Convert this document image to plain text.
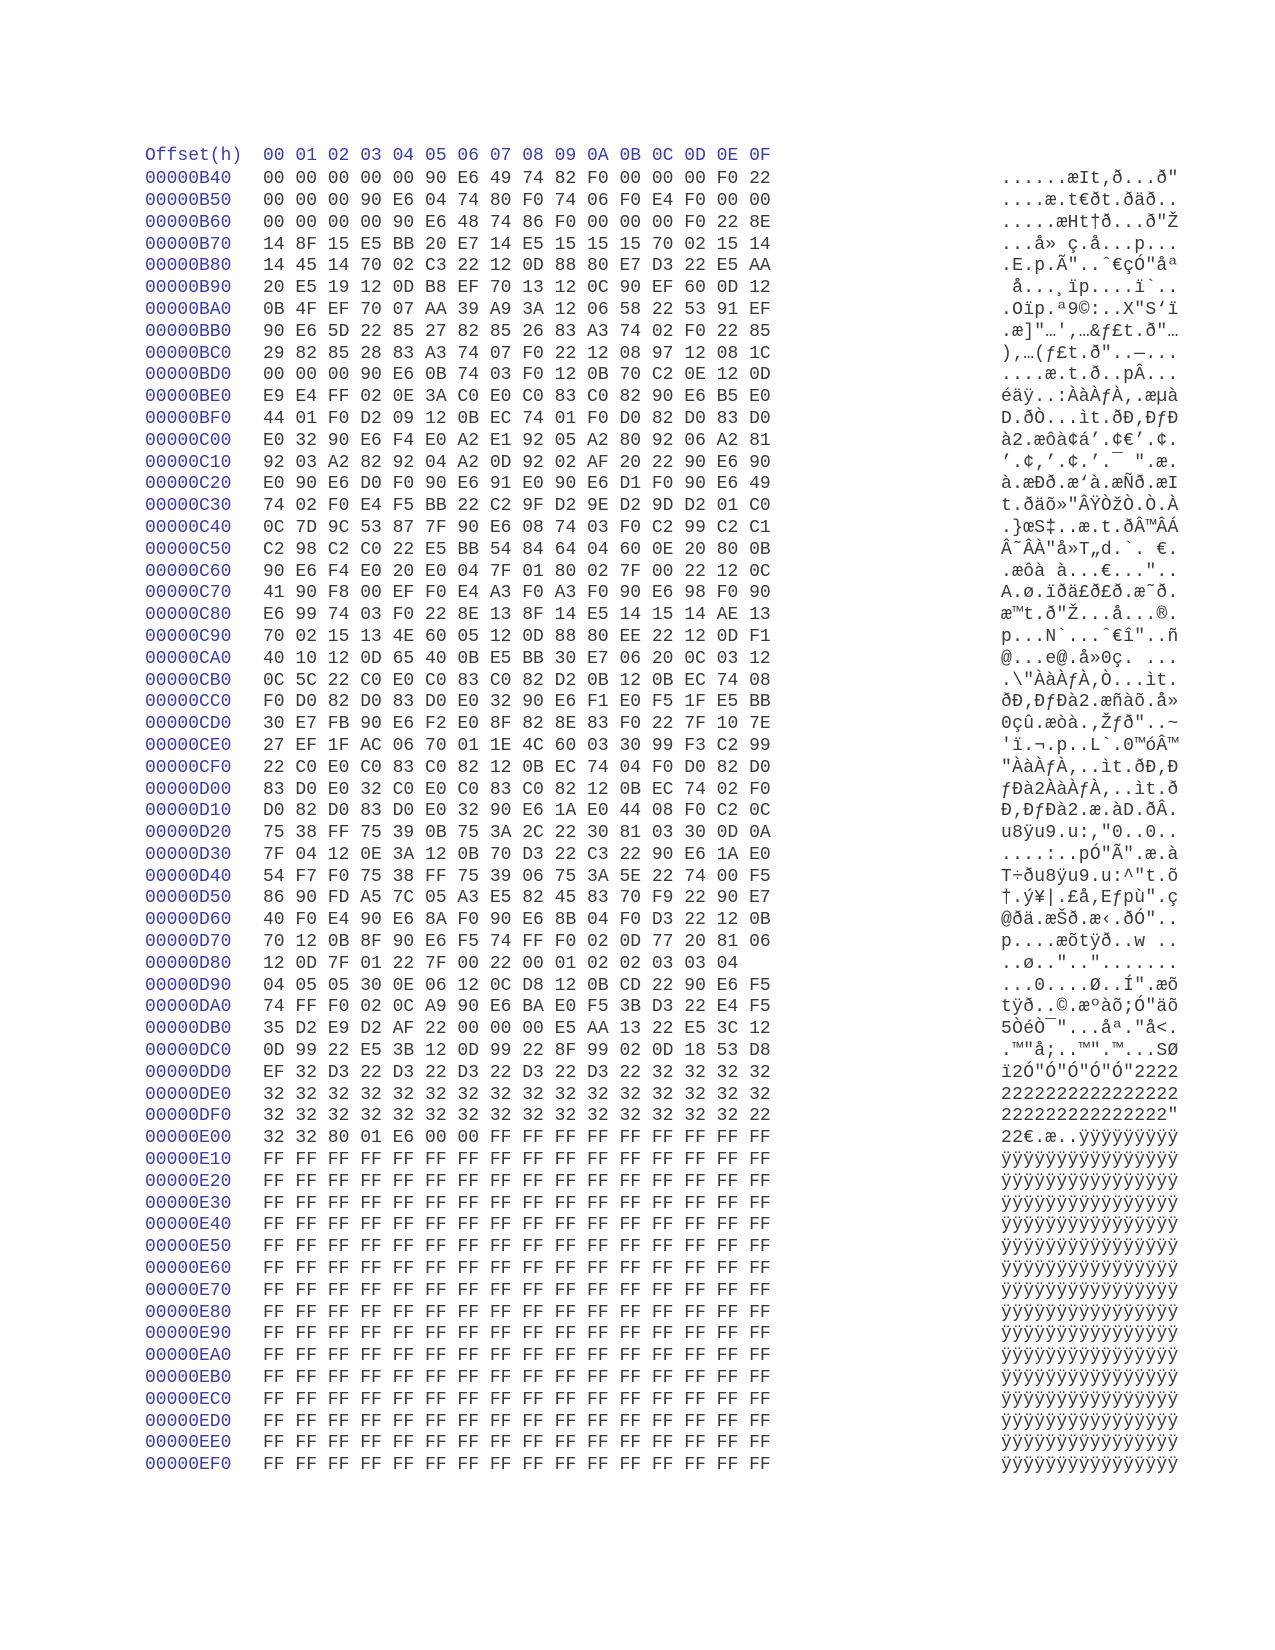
Offset(h)	00 01 02 03 04 05 06 07 08 09 0A 0B 0C 0D 0E 0F
00000B40	00 00 00 00 00 90 E6 49 74 82 F0 00 00 00 F0 22	......æIt‚ð...ð"
00000B50	00 00 00 90 E6 04 74 80 F0 74 06 F0 E4 F0 00 00	....æ.t€ðt.ðäð..
00000B60	00 00 00 00 90 E6 48 74 86 F0 00 00 00 F0 22 8E	.....æHt†ð...ð"Ž
00000B70	14 8F 15 E5 BB 20 E7 14 E5 15 15 15 70 02 15 14	...å» ç.å...p...
00000B80	14 45 14 70 02 C3 22 12 0D 88 80 E7 D3 22 E5 AA	.E.p.Ã"..ˆ€çÓ"åª
00000B90	20 E5 19 12 0D B8 EF 70 13 12 0C 90 EF 60 0D 12	å...¸ïp....ï`..
00000BA0	0B 4F EF 70 07 AA 39 A9 3A 12 06 58 22 53 91 EF	.Oïp.ª9©:..X"S‘ï
00000BB0	90 E6 5D 22 85 27 82 85 26 83 A3 74 02 F0 22 85	.æ]"…'‚…&ƒ£t.ð"…
00000BC0	29 82 85 28 83 A3 74 07 F0 22 12 08 97 12 08 1C	)‚…(ƒ£t.ð"..—...
00000BD0	00 00 00 90 E6 0B 74 03 F0 12 0B 70 C2 0E 12 0D	....æ.t.ð..pÂ...
00000BE0	E9 E4 FF 02 0E 3A C0 E0 C0 83 C0 82 90 E6 B5 E0	éäÿ..:ÀàÀƒÀ‚.æµà
00000BF0	44 01 F0 D2 09 12 0B EC 74 01 F0 D0 82 D0 83 D0	D.ðÒ...ìt.ðÐ‚ÐƒÐ
00000C00	E0 32 90 E6 F4 E0 A2 E1 92 05 A2 80 92 06 A2 81	à2.æôà¢á’.¢€’.¢.
00000C10	92 03 A2 82 92 04 A2 0D 92 02 AF 20 22 90 E6 90	’.¢‚’.¢.’.¯ ".æ.
00000C20	E0 90 E6 D0 F0 90 E6 91 E0 90 E6 D1 F0 90 E6 49	à.æÐð.æ‘à.æÑð.æI
00000C30	74 02 F0 E4 F5 BB 22 C2 9F D2 9E D2 9D D2 01 C0	t.ðäõ»"ÂŸÒžÒ.Ò.À
00000C40	0C 7D 9C 53 87 7F 90 E6 08 74 03 F0 C2 99 C2 C1	.}œS‡..æ.t.ðÂ™ÂÁ
00000C50	C2 98 C2 C0 22 E5 BB 54 84 64 04 60 0E 20 80 0B	Â˜ÂÀ"å»T„d.`. €.
00000C60	90 E6 F4 E0 20 E0 04 7F 01 80 02 7F 00 22 12 0C	.æôà à...€..."..
00000C70	41 90 F8 00 EF F0 E4 A3 F0 A3 F0 90 E6 98 F0 90	A.ø.ïðä£ð£ð.æ˜ð.
00000C80	E6 99 74 03 F0 22 8E 13 8F 14 E5 14 15 14 AE 13	æ™t.ð"Ž...å...®.
00000C90	70 02 15 13 4E 60 05 12 0D 88 80 EE 22 12 0D F1	p...N`...ˆ€î"..ñ
00000CA0	40 10 12 0D 65 40 0B E5 BB 30 E7 06 20 0C 03 12	@...e@.å»0ç. ...
00000CB0	0C 5C 22 C0 E0 C0 83 C0 82 D2 0B 12 0B EC 74 08	.\"ÀàÀƒÀ‚Ò...ìt.
00000CC0	F0 D0 82 D0 83 D0 E0 32 90 E6 F1 E0 F5 1F E5 BB	ðÐ‚ÐƒÐà2.æñàõ.å»
00000CD0	30 E7 FB 90 E6 F2 E0 8F 82 8E 83 F0 22 7F 10 7E	0çû.æòà.‚Žƒð"..~
00000CE0	27 EF 1F AC 06 70 01 1E 4C 60 03 30 99 F3 C2 99	'ï.¬.p..L`.0™óÂ™
00000CF0	22 C0 E0 C0 83 C0 82 12 0B EC 74 04 F0 D0 82 D0	"ÀàÀƒÀ‚..ìt.ðÐ‚Ð
00000D00	83 D0 E0 32 C0 E0 C0 83 C0 82 12 0B EC 74 02 F0	ƒÐà2ÀàÀƒÀ‚..ìt.ð
00000D10	D0 82 D0 83 D0 E0 32 90 E6 1A E0 44 08 F0 C2 0C	Ð‚ÐƒÐà2.æ.àD.ðÂ.
00000D20	75 38 FF 75 39 0B 75 3A 2C 22 30 81 03 30 0D 0A	u8ÿu9.u:,"0..0..
00000D30	7F 04 12 0E 3A 12 0B 70 D3 22 C3 22 90 E6 1A E0	....:..pÓ"Ã".æ.à
00000D40	54 F7 F0 75 38 FF 75 39 06 75 3A 5E 22 74 00 F5	T÷ðu8ÿu9.u:^"t.õ
00000D50	86 90 FD A5 7C 05 A3 E5 82 45 83 70 F9 22 90 E7	†.ý¥|.£å‚Eƒpù".ç
00000D60	40 F0 E4 90 E6 8A F0 90 E6 8B 04 F0 D3 22 12 0B	@ðä.æŠð.æ‹.ðÓ"..
00000D70	70 12 0B 8F 90 E6 F5 74 FF F0 02 0D 77 20 81 06	p....æõtÿð..w ..
00000D80	12 0D 7F 01 22 7F 00 22 00 01 02 02 03 03 04	..ø.."..".......
00000D90	04 05 05 30 0E 06 12 0C D8 12 0B CD 22 90 E6 F5	...0....Ø..Í".æõ
00000DA0	74 FF F0 02 0C A9 90 E6 BA E0 F5 3B D3 22 E4 F5	tÿð..©.æºàõ;Ó"äõ
00000DB0	35 D2 E9 D2 AF 22 00 00 00 E5 AA 13 22 E5 3C 12	5ÒéÒ¯"...åª."å<.
00000DC0	0D 99 22 E5 3B 12 0D 99 22 8F 99 02 0D 18 53 D8	.™"å;..™".™...SØ
00000DD0	EF 32 D3 22 D3 22 D3 22 D3 22 D3 22 32 32 32 32	ï2Ó"Ó"Ó"Ó"Ó"2222
00000DE0	32 32 32 32 32 32 32 32 32 32 32 32 32 32 32 32	2222222222222222
00000DF0	32 32 32 32 32 32 32 32 32 32 32 32 32 32 32 22	222222222222222"
00000E00	32 32 80 01 E6 00 00 FF FF FF FF FF FF FF FF FF	22€.æ..ÿÿÿÿÿÿÿÿÿ
00000E10	FF FF FF FF FF FF FF FF FF FF FF FF FF FF FF FF	ÿÿÿÿÿÿÿÿÿÿÿÿÿÿÿÿ
00000E20	FF FF FF FF FF FF FF FF FF FF FF FF FF FF FF FF	ÿÿÿÿÿÿÿÿÿÿÿÿÿÿÿÿ
00000E30	FF FF FF FF FF FF FF FF FF FF FF FF FF FF FF FF	ÿÿÿÿÿÿÿÿÿÿÿÿÿÿÿÿ
00000E40	FF FF FF FF FF FF FF FF FF FF FF FF FF FF FF FF	ÿÿÿÿÿÿÿÿÿÿÿÿÿÿÿÿ
00000E50	FF FF FF FF FF FF FF FF FF FF FF FF FF FF FF FF	ÿÿÿÿÿÿÿÿÿÿÿÿÿÿÿÿ
00000E60	FF FF FF FF FF FF FF FF FF FF FF FF FF FF FF FF	ÿÿÿÿÿÿÿÿÿÿÿÿÿÿÿÿ
00000E70	FF FF FF FF FF FF FF FF FF FF FF FF FF FF FF FF	ÿÿÿÿÿÿÿÿÿÿÿÿÿÿÿÿ
00000E80	FF FF FF FF FF FF FF FF FF FF FF FF FF FF FF FF	ÿÿÿÿÿÿÿÿÿÿÿÿÿÿÿÿ
00000E90	FF FF FF FF FF FF FF FF FF FF FF FF FF FF FF FF	ÿÿÿÿÿÿÿÿÿÿÿÿÿÿÿÿ
00000EA0	FF FF FF FF FF FF FF FF FF FF FF FF FF FF FF FF	ÿÿÿÿÿÿÿÿÿÿÿÿÿÿÿÿ
00000EB0	FF FF FF FF FF FF FF FF FF FF FF FF FF FF FF FF	ÿÿÿÿÿÿÿÿÿÿÿÿÿÿÿÿ
00000EC0	FF FF FF FF FF FF FF FF FF FF FF FF FF FF FF FF	ÿÿÿÿÿÿÿÿÿÿÿÿÿÿÿÿ
00000ED0	FF FF FF FF FF FF FF FF FF FF FF FF FF FF FF FF	ÿÿÿÿÿÿÿÿÿÿÿÿÿÿÿÿ
00000EE0	FF FF FF FF FF FF FF FF FF FF FF FF FF FF FF FF	ÿÿÿÿÿÿÿÿÿÿÿÿÿÿÿÿ
00000EF0	FF FF FF FF FF FF FF FF FF FF FF FF FF FF FF FF	ÿÿÿÿÿÿÿÿÿÿÿÿÿÿÿÿ
